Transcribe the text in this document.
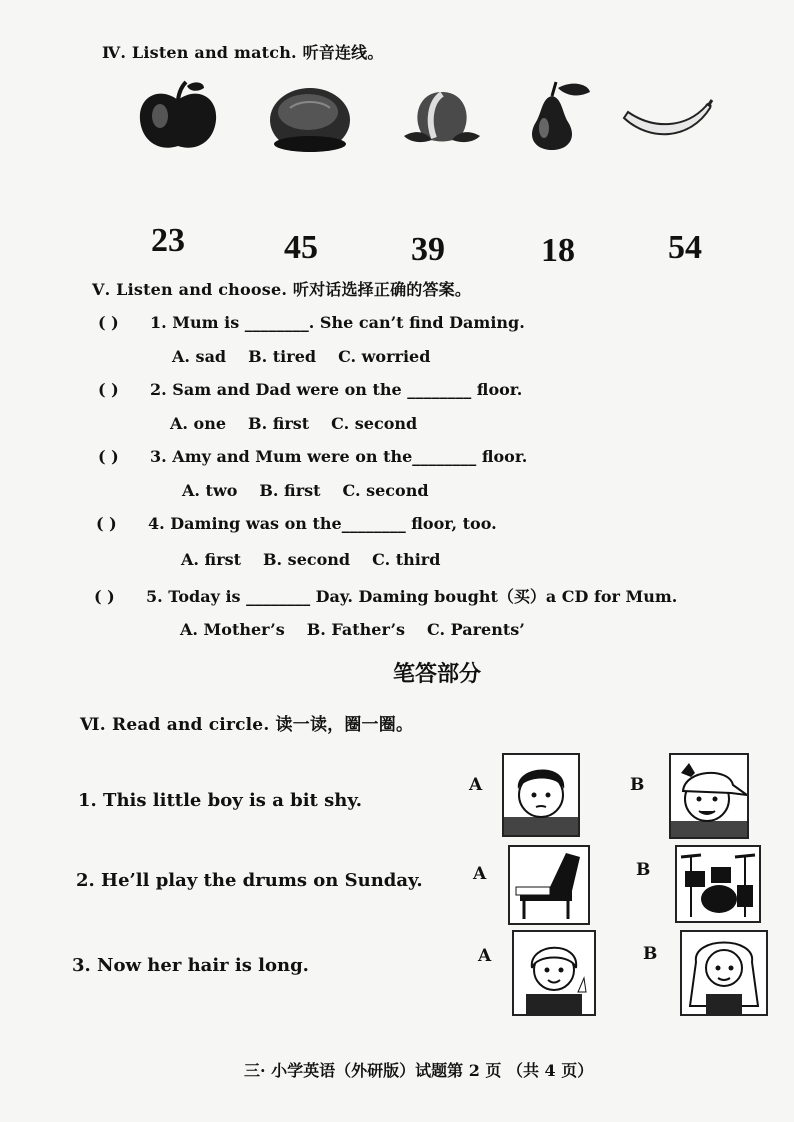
Ⅳ. Listen and match. 听音连线。
23	45	39	18	54
Ⅴ. Listen and choose. 听对话选择正确的答案。
( ) 1. Mum is ________. She can’t find Daming.
A. sad B. tired C. worried
( ) 2. Sam and Dad were on the ________ floor.
A. one B. first C. second
( ) 3. Amy and Mum were on the________ floor.
A. two B. first C. second
( ) 4. Daming was on the________ floor, too.
A. first B. second C. third
( ) 5. Today is ________ Day. Daming bought（买）a CD for Mum.
A. Mother’s B. Father’s C. Parents’
笔答部分
Ⅵ. Read and circle. 读一读，圈一圈。
1. This little boy is a bit shy.
2. He’ll play the drums on Sunday.
3. Now her hair is long.
A	B
A	B
A	B
三· 小学英语（外研版）试题第 2 页 （共 4 页）
